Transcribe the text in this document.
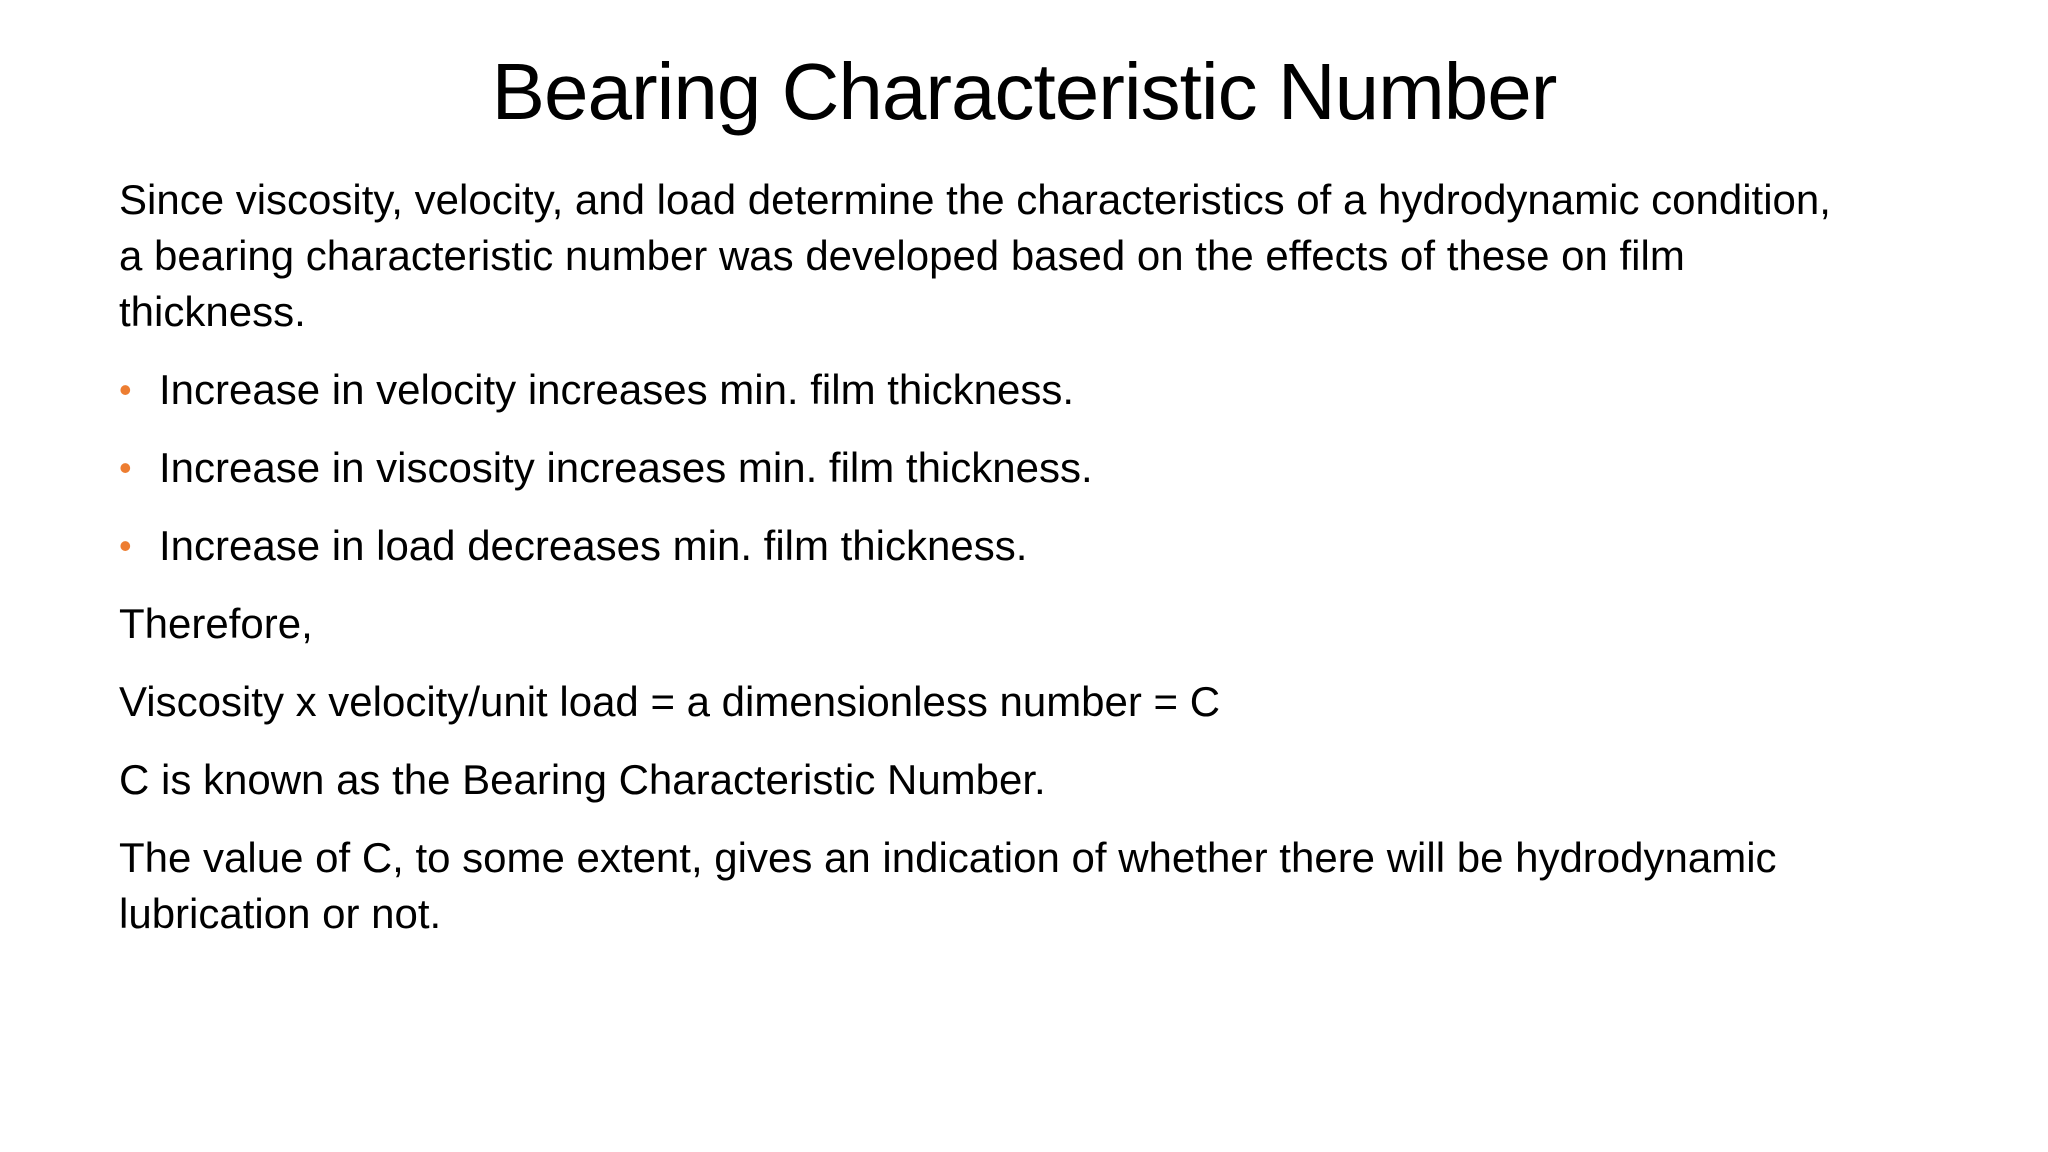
Bearing Characteristic Number

Since viscosity, velocity, and load determine the characteristics of a hydrodynamic condition, a bearing characteristic number was developed based on the effects of these on film thickness.

• Increase in velocity increases min. film thickness.
• Increase in viscosity increases min. film thickness.
• Increase in load decreases min. film thickness.

Therefore,

Viscosity x velocity/unit load = a dimensionless number = C

C is known as the Bearing Characteristic Number.

The value of C, to some extent, gives an indication of whether there will be hydrodynamic lubrication or not.
